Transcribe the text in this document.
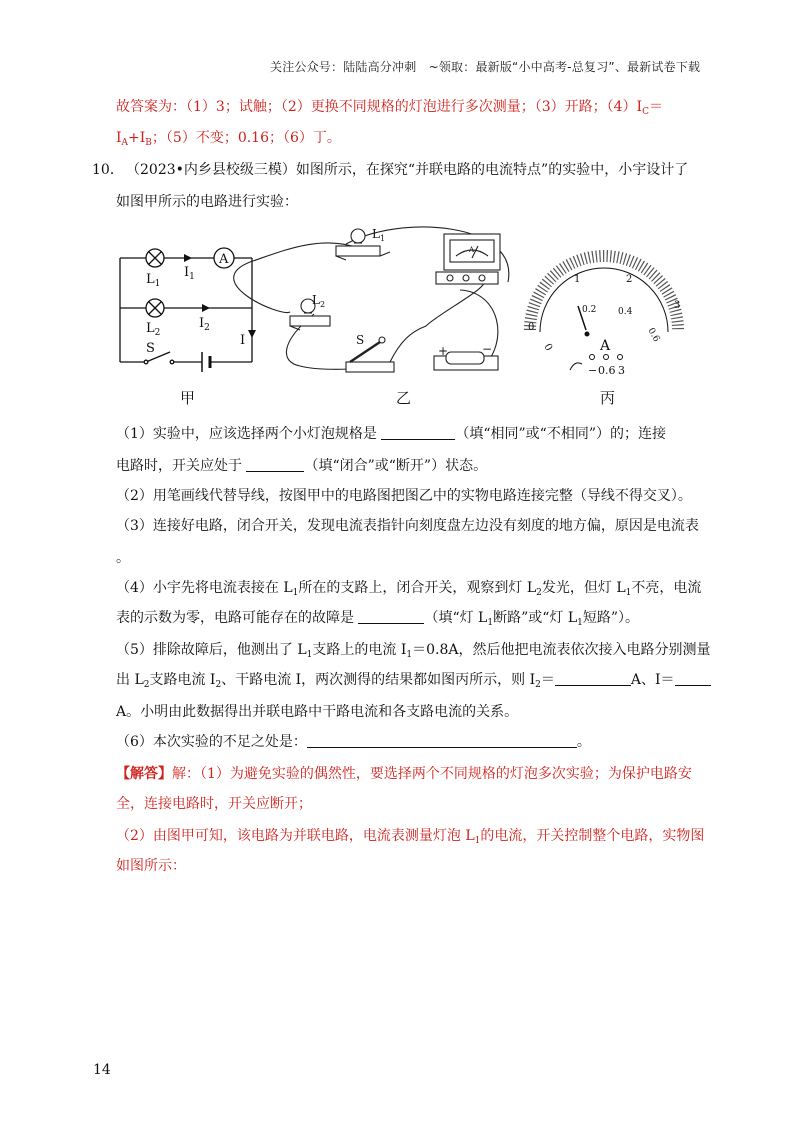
关注公众号：陆陆高分冲刺　~领取：最新版“小中高考-总复习”、最新试卷下载
故答案为：（1）3；试触；（2）更换不同规格的灯泡进行多次测量；（3）开路；$(4)I_C=$
$I_A+I_B$；（5）不变；0.16；（6）丁。
10． （2023•内乡县校级三模）如图所示，在探究“并联电路的电流特点”的实验中，小宇设计了
如图甲所示的电路进行实验：
A
$L_1$
$I_1$
$L_2$
$I_2$
I
S
甲
$L_1$
$L_2$
S
A
+	−
乙
0
1	2
3
0
0.2 0.4
0.6
A
− 0.6 3
丙
（1）实验中，应该选择两个小灯泡规格是	（填“相同”或“不相同”）的；连接
电路时，开关应处于	（填“闭合”或“断开”）状态。
（2）用笔画线代替导线，按图甲中的电路图把图乙中的实物电路连接完整（导线不得交叉）。
（3）连接好电路，闭合开关，发现电流表指针向刻度盘左边没有刻度的地方偏，原因是电流表
。
（4）小宇先将电流表接在 $L_1$所在的支路上，闭合开关，观察到灯 $L_2$发光，但灯 $L_1$不亮，电流
表的示数为零，电路可能存在的故障是	（填“灯 $L_1$断路”或“灯 $L_1$短路”）。
（5）排除故障后，他测出了 $L_1$支路上的电流 $I_1=0.8A$，然后他把电流表依次接入电路分别测量
出 $L_2$支路电流 $I_2$、干路电流 I，两次测得的结果都如图丙所示，则 $I_2=$	A、I＝
A。小明由此数据得出并联电路中干路电流和各支路电流的关系。
（6）本次实验的不足之处是：	。
【解答】解：（1）为避免实验的偶然性，要选择两个不同规格的灯泡多次实验；为保护电路安
全，连接电路时，开关应断开；
（2）由图甲可知，该电路为并联电路，电流表测量灯泡 $L_1$的电流，开关控制整个电路，实物图
如图所示：
14
